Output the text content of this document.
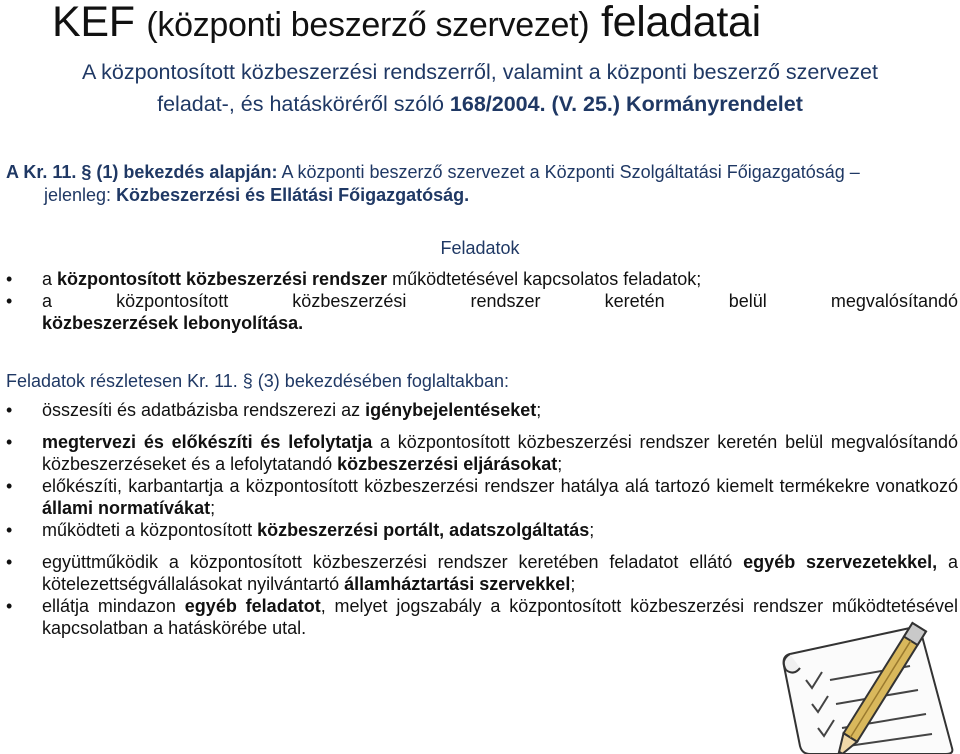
KEF (központi beszerző szervezet) feladatai
A központosított közbeszerzési rendszerről, valamint a központi beszerző szervezet
feladat-, és hatásköréről szóló 168/2004. (V. 25.) Kormányrendelet
A Kr. 11. § (1) bekezdés alapján: A központi beszerző szervezet a Központi Szolgáltatási Főigazgatóság –
jelenleg: Közbeszerzési és Ellátási Főigazgatóság.
Feladatok
• a központosított közbeszerzési rendszer működtetésével kapcsolatos feladatok;
• a központosított közbeszerzési rendszer keretén belül megvalósítandó
közbeszerzések lebonyolítása.
Feladatok részletesen Kr. 11. § (3) bekezdésében foglaltakban:
• összesíti és adatbázisba rendszerezi az igénybejelentéseket;
• megtervezi és előkészíti és lefolytatja a központosított közbeszerzési rendszer keretén belül megvalósítandó közbeszerzéseket és a lefolytatandó közbeszerzési eljárásokat;
• előkészíti, karbantartja a központosított közbeszerzési rendszer hatálya alá tartozó kiemelt termékekre vonatkozó állami normatívákat;
• működteti a központosított közbeszerzési portált, adatszolgáltatás;
• együttműködik a központosított közbeszerzési rendszer keretében feladatot ellátó egyéb szervezetekkel, a kötelezettségvállalásokat nyilvántartó államháztartási szervekkel;
• ellátja mindazon egyéb feladatot, melyet jogszabály a központosított közbeszerzési rendszer működtetésével kapcsolatban a hatáskörébe utal.
